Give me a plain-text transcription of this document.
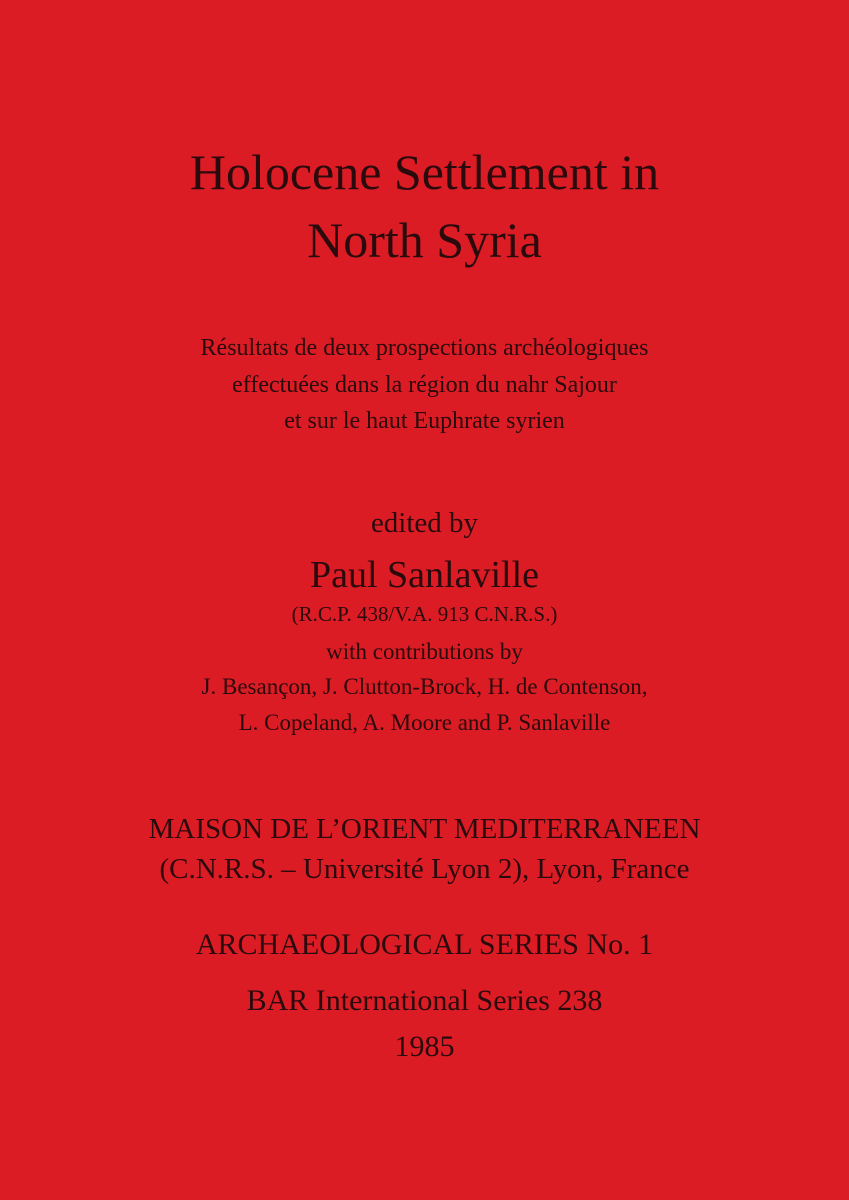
Holocene Settlement in
North Syria
Résultats de deux prospections archéologiques
effectuées dans la région du nahr Sajour
et sur le haut Euphrate syrien
edited by
Paul Sanlaville
(R.C.P. 438/V.A. 913 C.N.R.S.)
with contributions by
J. Besançon, J. Clutton-Brock, H. de Contenson,
L. Copeland, A. Moore and P. Sanlaville
MAISON DE L’ORIENT MEDITERRANEEN
(C.N.R.S. – Université Lyon 2), Lyon, France
ARCHAEOLOGICAL SERIES No. 1
BAR International Series 238
1985
